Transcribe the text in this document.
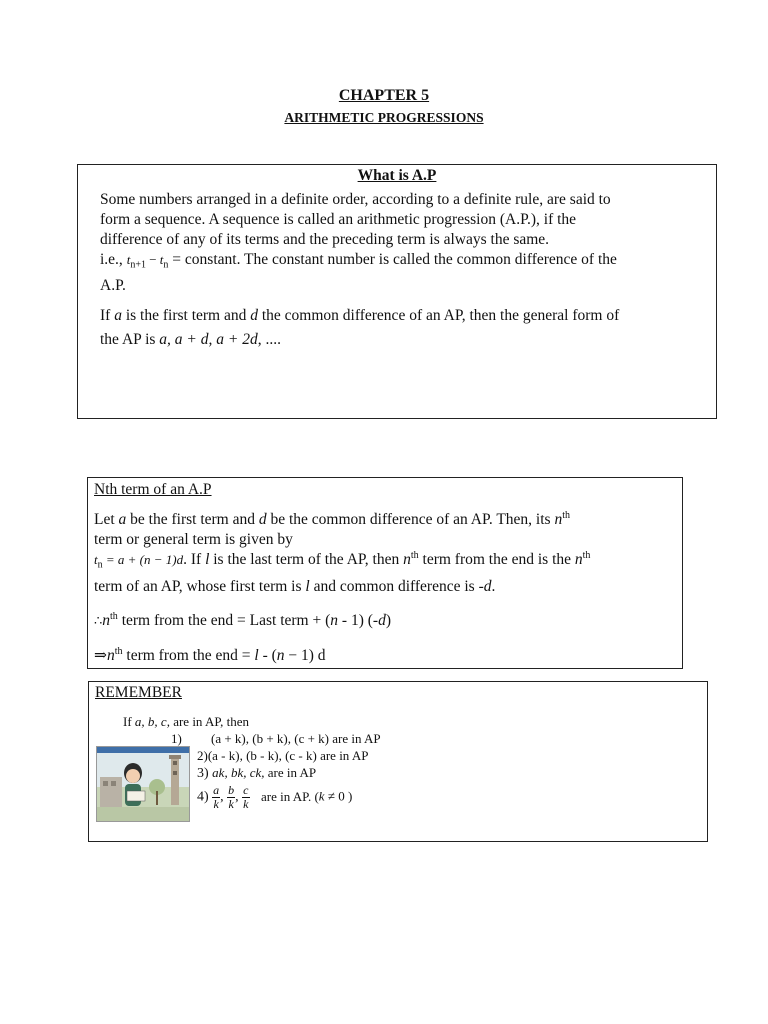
CHAPTER 5
ARITHMETIC PROGRESSIONS
What is A.P
Some numbers arranged in a definite order, according to a definite rule, are said to
form a sequence. A sequence is called an arithmetic progression (A.P.), if the
difference of any of its terms and the preceding term is always the same.
i.e., $t_{n+1} - t_n$ = constant. The constant number is called the common difference of the
A.P.
If a is the first term and d the common difference of an AP, then the general form of
the AP is a, a + d, a + 2d, ....
Nth term of an A.P
Let a be the first term and d be the common difference of an AP. Then, its $n^{th}$
term or general term is given by
$t_n = a + (n - 1)d$. If l is the last term of the AP, then $n^{th}$ term from the end is the $n^{th}$
term of an AP, whose first term is l and common difference is -d.
$\therefore n^{th}$ term from the end = Last term + (n - 1) (-d)
$\Rightarrow n^{th}$ term from the end = l - (n − 1) d
REMEMBER
If a, b, c, are in AP, then
1) (a + k), (b + k), (c + k) are in AP
2)(a - k), (b - k), (c - k) are in AP
3) ak, bk, ck, are in AP
$4) \frac{a}{k}$ , $\frac{b}{k}$ , $\frac{c}{k}$ are in AP. (k ≠ 0 )
